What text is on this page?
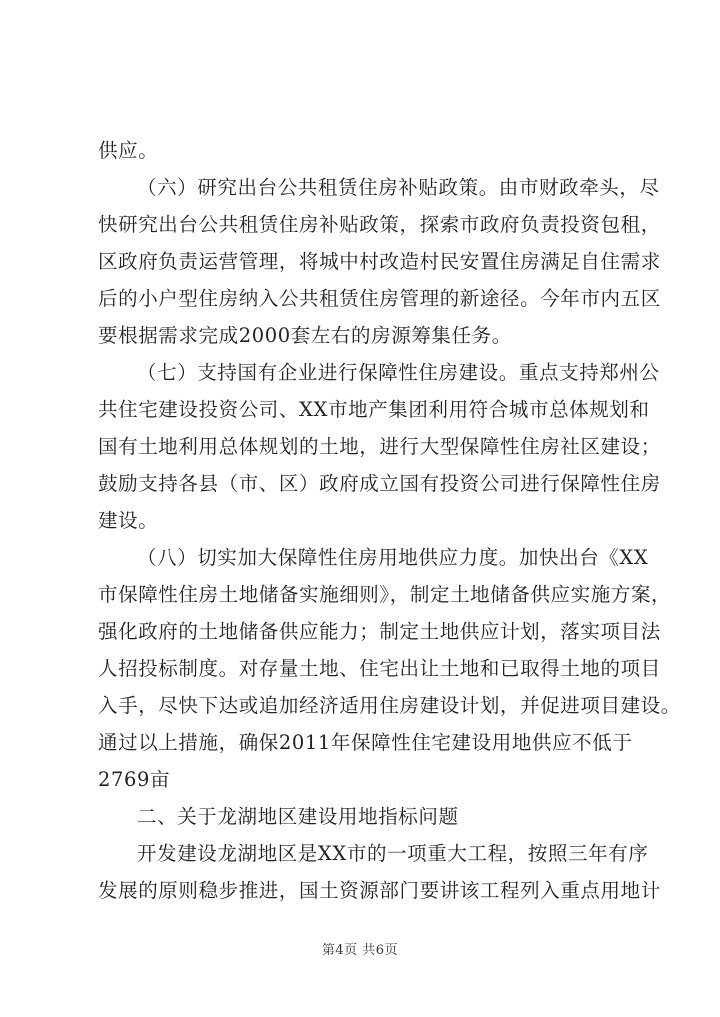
供应。
（六）研究出台公共租赁住房补贴政策。由市财政牵头，尽
快研究出台公共租赁住房补贴政策，探索市政府负责投资包租，
区政府负责运营管理，将城中村改造村民安置住房满足自住需求
后的小户型住房纳入公共租赁住房管理的新途径。今年市内五区
要根据需求完成2000套左右的房源筹集任务。
（七）支持国有企业进行保障性住房建设。重点支持郑州公
共住宅建设投资公司、XX市地产集团利用符合城市总体规划和
国有土地利用总体规划的土地，进行大型保障性住房社区建设；
鼓励支持各县（市、区）政府成立国有投资公司进行保障性住房
建设。
（八）切实加大保障性住房用地供应力度。加快出台《XX
市保障性住房土地储备实施细则》，制定土地储备供应实施方案，
强化政府的土地储备供应能力；制定土地供应计划，落实项目法
人招投标制度。对存量土地、住宅出让土地和已取得土地的项目
入手，尽快下达或追加经济适用住房建设计划，并促进项目建设。
通过以上措施，确保2011年保障性住宅建设用地供应不低于
2769亩
二、关于龙湖地区建设用地指标问题
开发建设龙湖地区是XX市的一项重大工程，按照三年有序
发展的原则稳步推进，国土资源部门要讲该工程列入重点用地计
第4页 共6页
